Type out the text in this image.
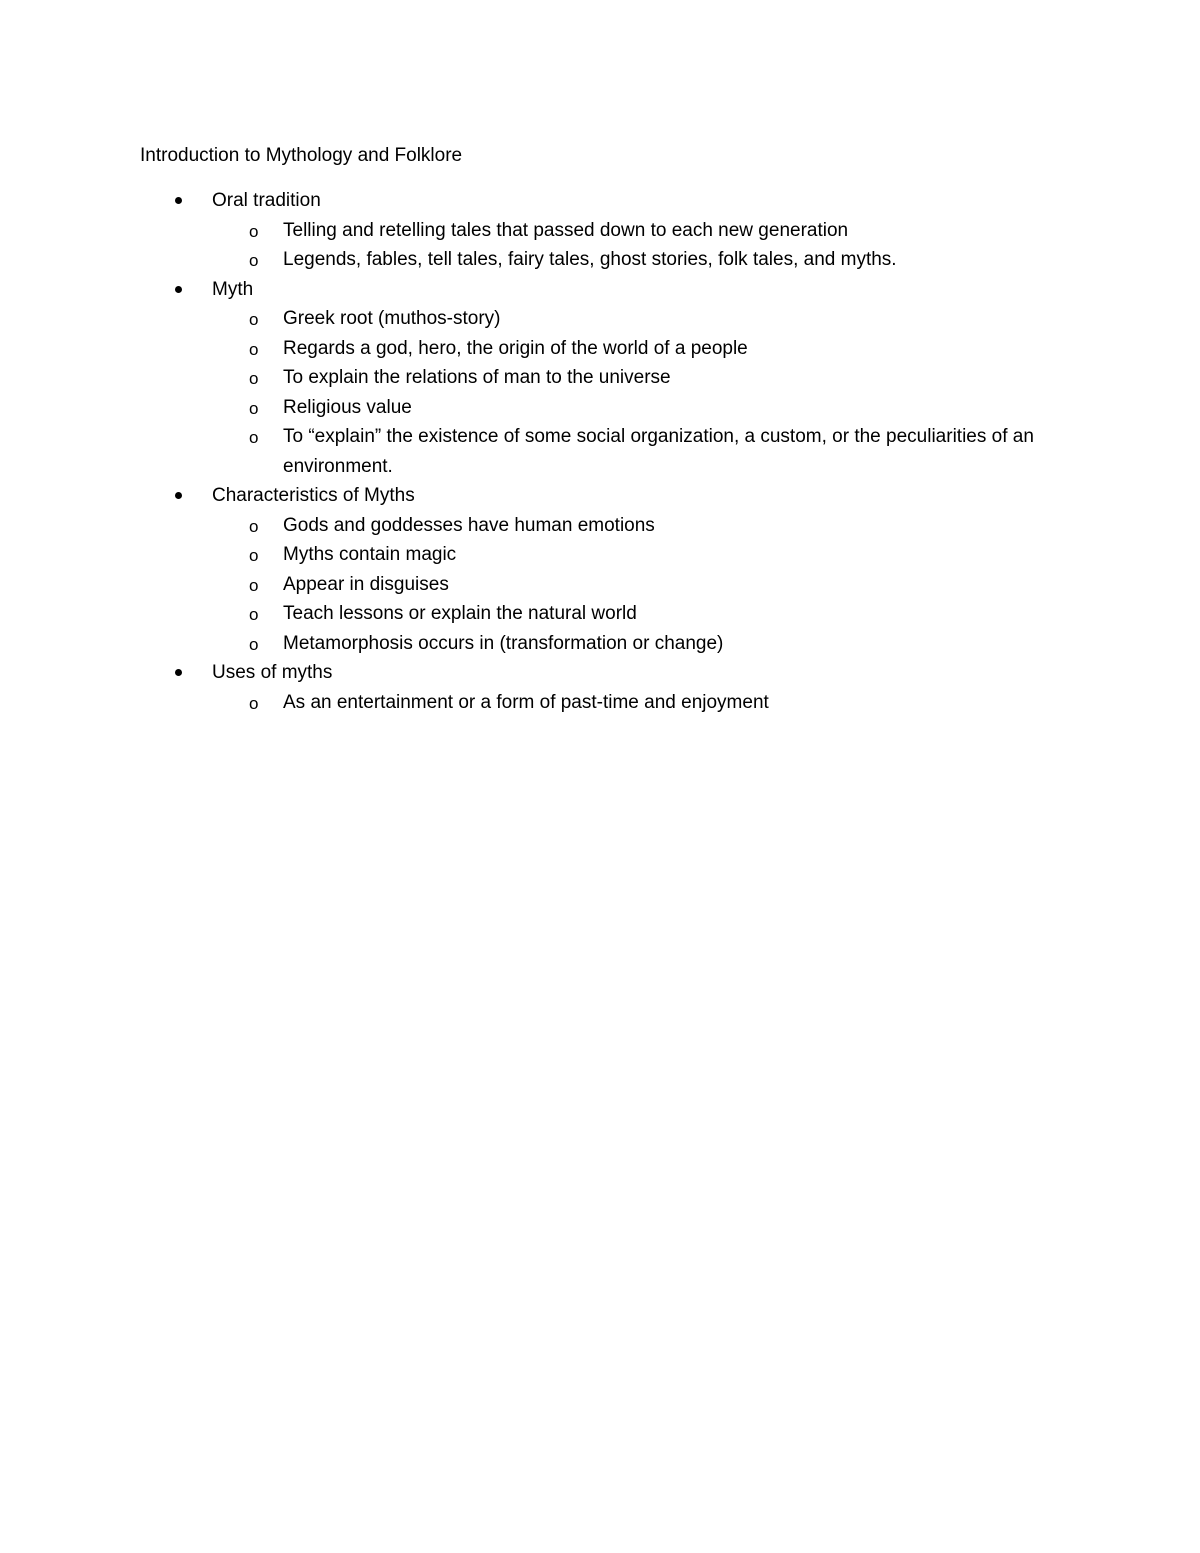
Introduction to Mythology and Folklore
Oral tradition
o Telling and retelling tales that passed down to each new generation
o Legends, fables, tell tales, fairy tales, ghost stories, folk tales, and myths.
Myth
o Greek root (muthos-story)
o Regards a god, hero, the origin of the world of a people
o To explain the relations of man to the universe
o Religious value
o To “explain” the existence of some social organization, a custom, or the peculiarities of an environment.
Characteristics of Myths
o Gods and goddesses have human emotions
o Myths contain magic
o Appear in disguises
o Teach lessons or explain the natural world
o Metamorphosis occurs in (transformation or change)
Uses of myths
o As an entertainment or a form of past-time and enjoyment
